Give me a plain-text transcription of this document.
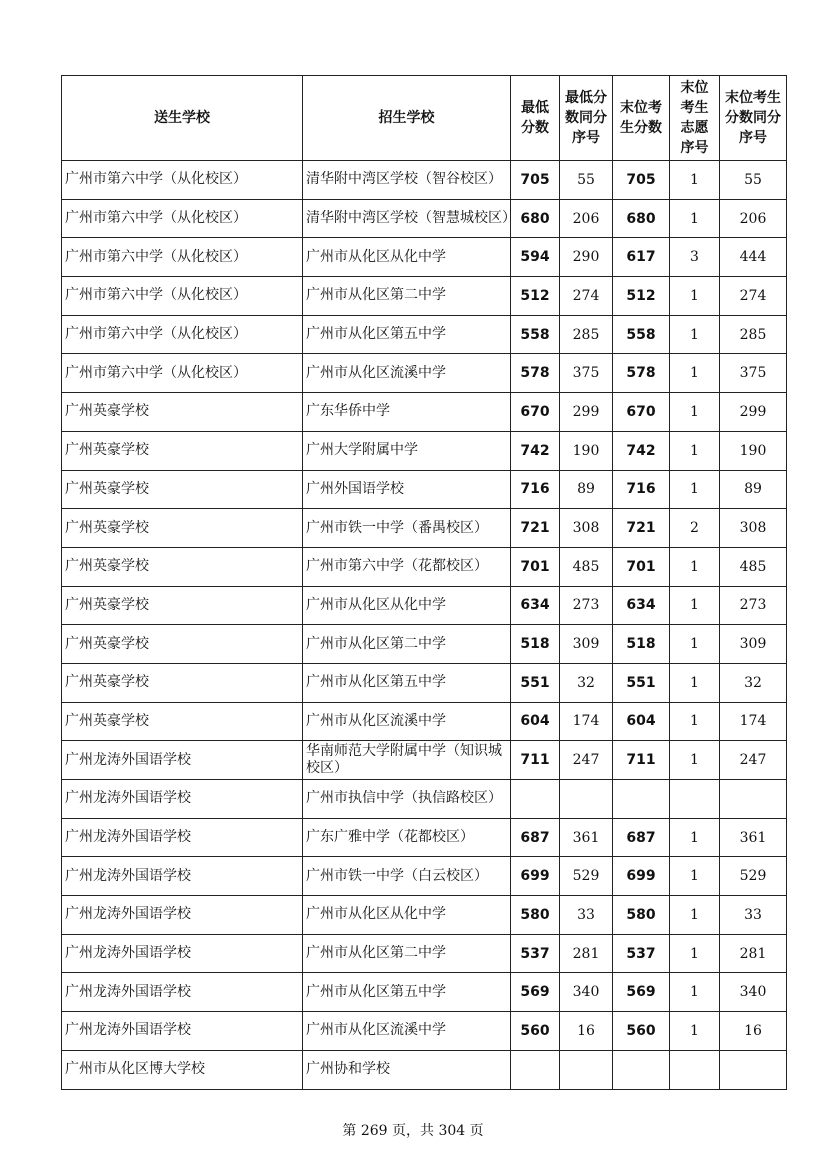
送生学校	招生学校	最低分数	最低分数同分序号	末位考生分数	末位考生志愿序号	末位考生分数同分序号
广州市第六中学（从化校区）	清华附中湾区学校（智谷校区）	705	55	705	1	55
广州市第六中学（从化校区）	清华附中湾区学校（智慧城校区）	680	206	680	1	206
广州市第六中学（从化校区）	广州市从化区从化中学	594	290	617	3	444
广州市第六中学（从化校区）	广州市从化区第二中学	512	274	512	1	274
广州市第六中学（从化校区）	广州市从化区第五中学	558	285	558	1	285
广州市第六中学（从化校区）	广州市从化区流溪中学	578	375	578	1	375
广州英豪学校	广东华侨中学	670	299	670	1	299
广州英豪学校	广州大学附属中学	742	190	742	1	190
广州英豪学校	广州外国语学校	716	89	716	1	89
广州英豪学校	广州市铁一中学（番禺校区）	721	308	721	2	308
广州英豪学校	广州市第六中学（花都校区）	701	485	701	1	485
广州英豪学校	广州市从化区从化中学	634	273	634	1	273
广州英豪学校	广州市从化区第二中学	518	309	518	1	309
广州英豪学校	广州市从化区第五中学	551	32	551	1	32
广州英豪学校	广州市从化区流溪中学	604	174	604	1	174
广州龙涛外国语学校	华南师范大学附属中学（知识城校区）	711	247	711	1	247
广州龙涛外国语学校	广州市执信中学（执信路校区）					
广州龙涛外国语学校	广东广雅中学（花都校区）	687	361	687	1	361
广州龙涛外国语学校	广州市铁一中学（白云校区）	699	529	699	1	529
广州龙涛外国语学校	广州市从化区从化中学	580	33	580	1	33
广州龙涛外国语学校	广州市从化区第二中学	537	281	537	1	281
广州龙涛外国语学校	广州市从化区第五中学	569	340	569	1	340
广州龙涛外国语学校	广州市从化区流溪中学	560	16	560	1	16
广州市从化区博大学校	广州协和学校					
第 269 页，共 304 页
